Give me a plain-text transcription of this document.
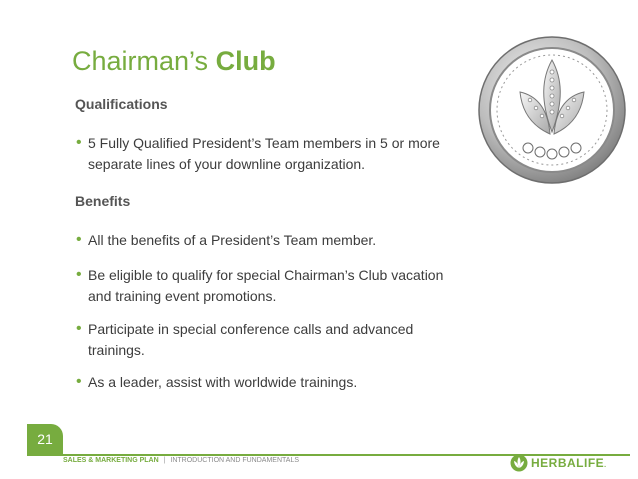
Chairman’s Club
Qualifications
• 5 Fully Qualified President’s Team members in 5 or more separate lines of your downline organization.
Benefits
• All the benefits of a President’s Team member.
• Be eligible to qualify for special Chairman’s Club vacation and training event promotions.
• Participate in special conference calls and advanced trainings.
• As a leader, assist with worldwide trainings.
21
SALES & MARKETING PLAN | INTRODUCTION AND FUNDAMENTALS	HERBALIFE.
